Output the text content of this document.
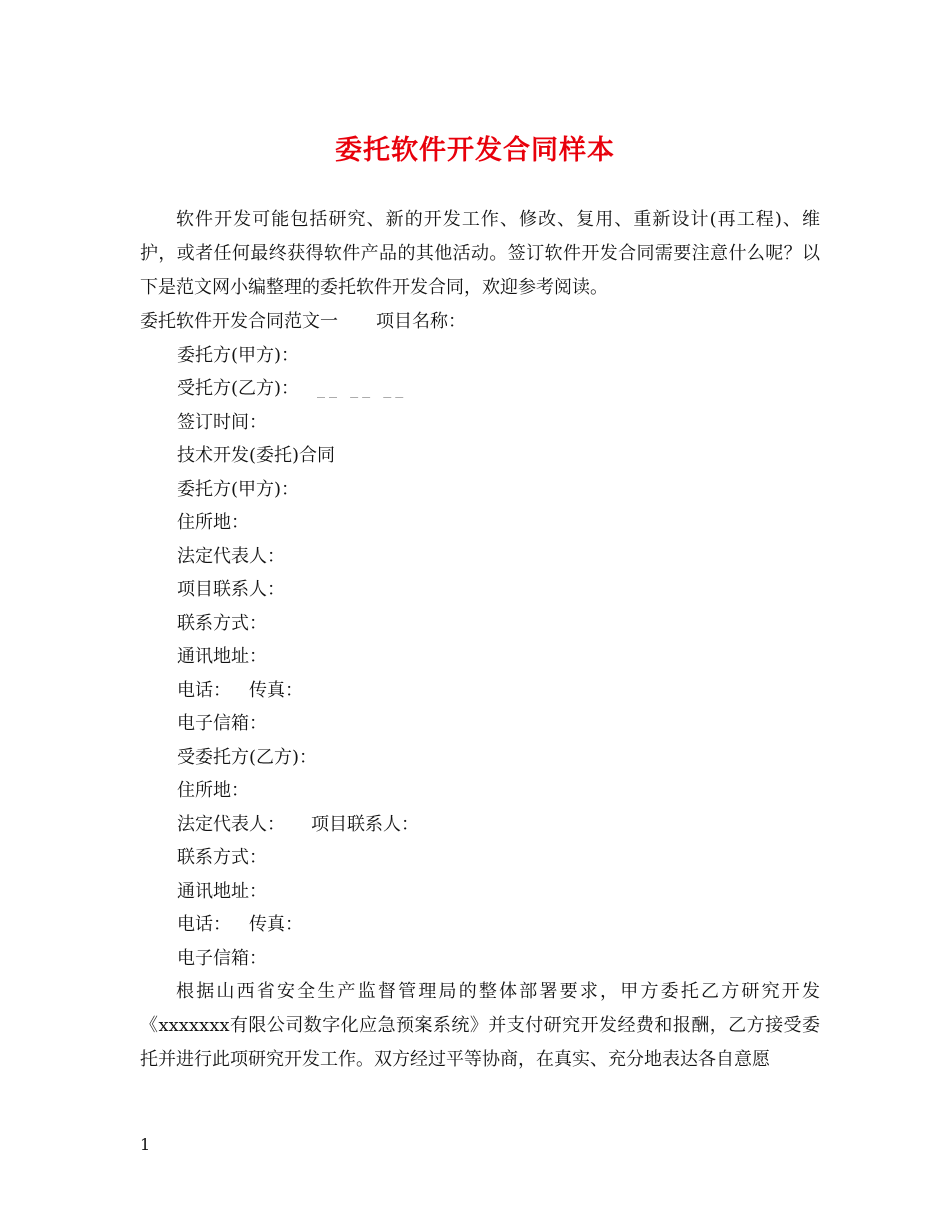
委托软件开发合同样本

软件开发可能包括研究、新的开发工作、修改、复用、重新设计(再工程)、维护，或者任何最终获得软件产品的其他活动。签订软件开发合同需要注意什么呢？以下是范文网小编整理的委托软件开发合同，欢迎参考阅读。

委托软件开发合同范文一 项目名称：

委托方(甲方)：

受托方(乙方)： __ __ __

签订时间：

技术开发(委托)合同

委托方(甲方)：

住所地：

法定代表人：

项目联系人：

联系方式：

通讯地址：

电话： 传真：

电子信箱：

受委托方(乙方)：

住所地：

法定代表人： 项目联系人：

联系方式：

通讯地址：

电话： 传真：

电子信箱：

根据山西省安全生产监督管理局的整体部署要求，甲方委托乙方研究开发《xxxxxxx有限公司数字化应急预案系统》并支付研究开发经费和报酬，乙方接受委托并进行此项研究开发工作。双方经过平等协商，在真实、充分地表达各自意愿

1
